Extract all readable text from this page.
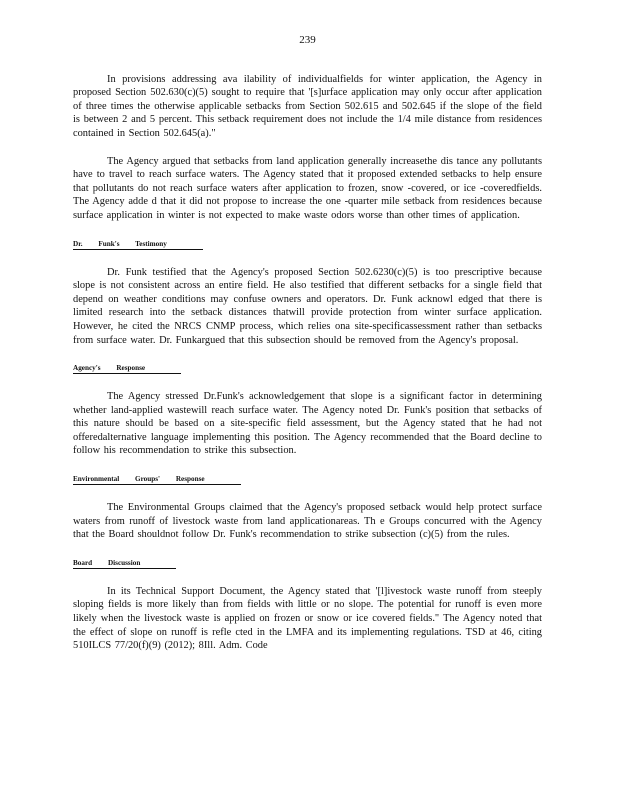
239

In provisions addressing ava ilability of individualfields for winter application, the Agency in proposed Section 502.630(c)(5) sought to require that '[s]urface application may only occur after application of three times the otherwise applicable setbacks from Section 502.615 and 502.645 if the slope of the field is between 2 and 5 percent. This setback requirement does not include the 1/4 mile distance from residences contained in Section 502.645(a)."

The Agency argued that setbacks from land application generally increasethe dis tance any pollutants have to travel to reach surface waters. The Agency stated that it proposed extended setbacks to help ensure that pollutants do not reach surface waters after application to frozen, snow -covered, or ice -coveredfields. The Agency adde d that it did not propose to increase the one -quarter mile setback from residences because surface application in winter is not expected to make waste odors worse than other times of application.

Dr. Funk's Testimony

Dr. Funk testified that the Agency's proposed Section 502.6230(c)(5) is too prescriptive because slope is not consistent across an entire field. He also testified that different setbacks for a single field that depend on weather conditions may confuse owners and operators. Dr. Funk acknowl edged that there is limited research into the setback distances thatwill provide protection from winter surface application. However, he cited the NRCS CNMP process, which relies ona site-specificassessment rather than setbacks from surface water. Dr. Funkargued that this subsection should be removed from the Agency's proposal.

Agency's Response

The Agency stressed Dr.Funk's acknowledgement that slope is a significant factor in determining whether land-applied wastewill reach surface water. The Agency noted Dr. Funk's position that setbacks of this nature should be based on a site-specific field assessment, but the Agency stated that he had not offeredalternative language implementing this position. The Agency recommended that the Board decline to follow his recommendation to strike this subsection.

Environmental Groups' Response

The Environmental Groups claimed that the Agency's proposed setback would help protect surface waters from runoff of livestock waste from land applicationareas. Th e Groups concurred with the Agency that the Board shouldnot follow Dr. Funk's recommendation to strike subsection (c)(5) from the rules.

Board Discussion

In its Technical Support Document, the Agency stated that '[l]ivestock waste runoff from steeply sloping fields is more likely than from fields with little or no slope. The potential for runoff is even more likely when the livestock waste is applied on frozen or snow or ice covered fields." The Agency noted that the effect of slope on runoff is refle cted in the LMFA and its implementing regulations. TSD at 46, citing 510ILCS 77/20(f)(9) (2012); 8Ill. Adm. Code
